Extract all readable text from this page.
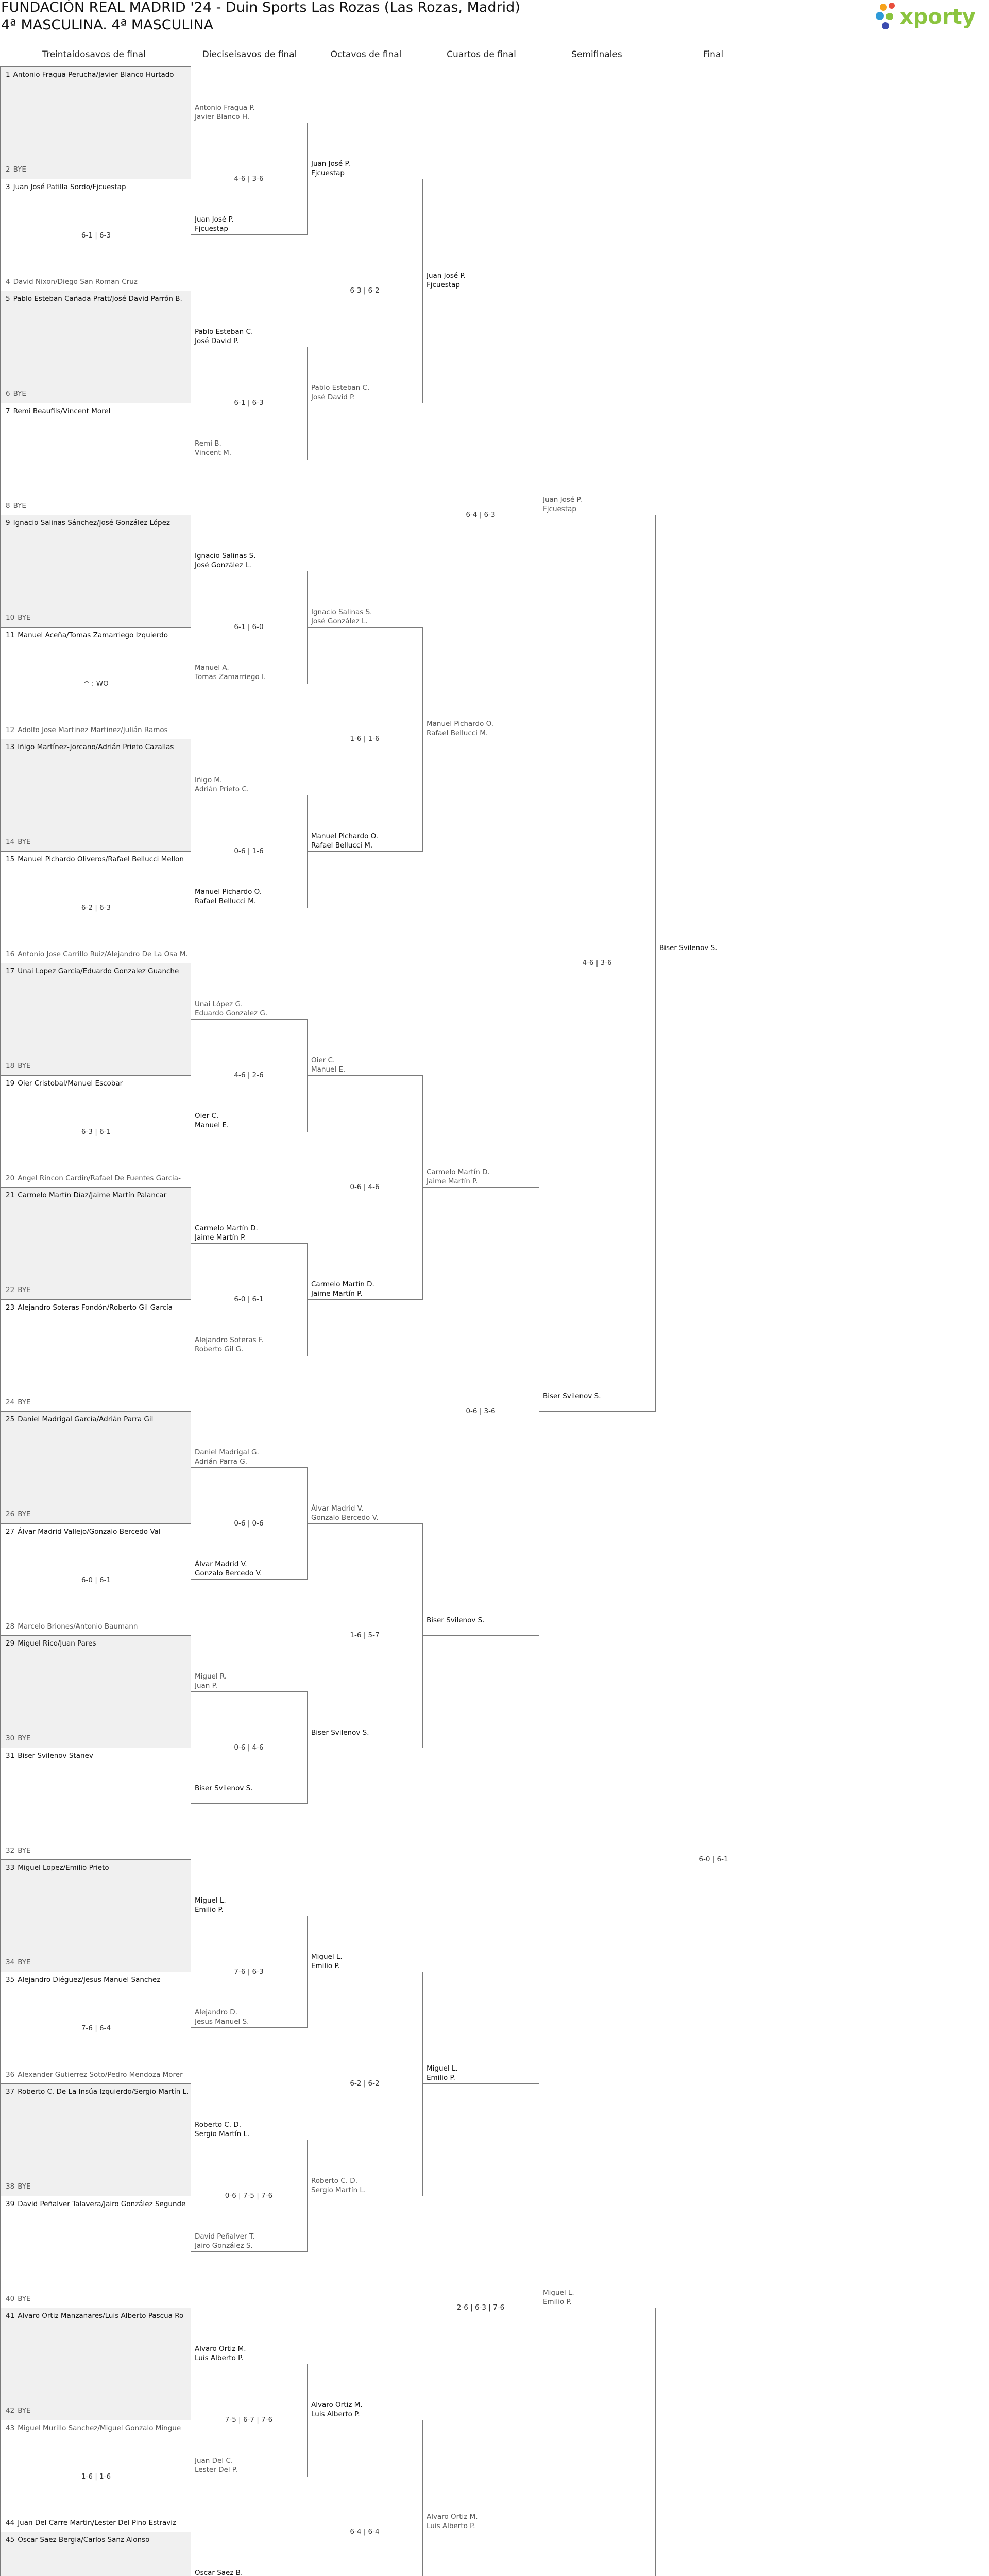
FUNDACIÓN REAL MADRID '24 - Duin Sports Las Rozas (Las Rozas, Madrid)
4ª MASCULINA. 4ª MASCULINA	xporty
Treintaidosavos de final	Dieciseisavos de final	Octavos de final	Cuartos de final	Semifinales	Final
1 Antonio Fragua Perucha/Javier Blanco Hurtado
2 BYE
3 Juan José Patilla Sordo/Fjcuestap
4 David Nixon/Diego San Roman Cruz
6-1 | 6-3
5 Pablo Esteban Cañada Pratt/José David Parrón B.
6 BYE
7 Remi Beaufils/Vincent Morel
8 BYE
9 Ignacio Salinas Sánchez/José González López
10 BYE
11 Manuel Aceña/Tomas Zamarriego Izquierdo
12 Adolfo Jose Martinez Martinez/Julián Ramos
^ : WO
13 Iñigo Martínez-Jorcano/Adrián Prieto Cazallas
14 BYE
15 Manuel Pichardo Oliveros/Rafael Bellucci Mellon
16 Antonio Jose Carrillo Ruiz/Alejandro De La Osa M.
6-2 | 6-3
17 Unai Lopez Garcia/Eduardo Gonzalez Guanche
18 BYE
19 Oier Cristobal/Manuel Escobar
20 Angel Rincon Cardin/Rafael De Fuentes Garcia-
6-3 | 6-1
21 Carmelo Martín Díaz/Jaime Martín Palancar
22 BYE
23 Alejandro Soteras Fondón/Roberto Gil García
24 BYE
25 Daniel Madrigal García/Adrián Parra Gil
26 BYE
27 Álvar Madrid Vallejo/Gonzalo Bercedo Val
28 Marcelo Briones/Antonio Baumann
6-0 | 6-1
29 Miguel Rico/Juan Pares
30 BYE
31 Biser Svilenov Stanev
32 BYE
33 Miguel Lopez/Emilio Prieto
34 BYE
35 Alejandro Diéguez/Jesus Manuel Sanchez
36 Alexander Gutierrez Soto/Pedro Mendoza Morer
7-6 | 6-4
37 Roberto C. De La Insúa Izquierdo/Sergio Martín L.
38 BYE
39 David Peñalver Talavera/Jairo González Segunde
40 BYE
41 Alvaro Ortiz Manzanares/Luis Alberto Pascua Ro
42 BYE
43 Miguel Murillo Sanchez/Miguel Gonzalo Mingue
44 Juan Del Carre Martin/Lester Del Pino Estraviz
1-6 | 1-6
45 Oscar Saez Bergia/Carlos Sanz Alonso
Antonio Fragua P.
Javier Blanco H.
Juan José P.
Fjcuestap
4-6 | 3-6
Pablo Esteban C.
José David P.
Remi B.
Vincent M.
6-1 | 6-3
Ignacio Salinas S.
José González L.
Manuel A.
Tomas Zamarriego I.
6-1 | 6-0
Iñigo M.
Adrián Prieto C.
Manuel Pichardo O.
Rafael Bellucci M.
0-6 | 1-6
Unai López G.
Eduardo Gonzalez G.
Oier C.
Manuel E.
4-6 | 2-6
Carmelo Martín D.
Jaime Martín P.
Alejandro Soteras F.
Roberto Gil G.
6-0 | 6-1
Daniel Madrigal G.
Adrián Parra G.
Álvar Madrid V.
Gonzalo Bercedo V.
0-6 | 0-6
Miguel R.
Juan P.
Biser Svilenov S.
0-6 | 4-6
Miguel L.
Emilio P.
Alejandro D.
Jesus Manuel S.
7-6 | 6-3
Roberto C. D.
Sergio Martín L.
David Peñalver T.
Jairo González S.
0-6 | 7-5 | 7-6
Alvaro Ortiz M.
Luis Alberto P.
Juan Del C.
Lester Del P.
7-5 | 6-7 | 7-6
Oscar Saez B.
Juan José P.
Fjcuestap
Pablo Esteban C.
José David P.
6-3 | 6-2
Ignacio Salinas S.
José González L.
Manuel Pichardo O.
Rafael Bellucci M.
1-6 | 1-6
Oier C.
Manuel E.
Carmelo Martín D.
Jaime Martín P.
0-6 | 4-6
Álvar Madrid V.
Gonzalo Bercedo V.
Biser Svilenov S.
1-6 | 5-7
Miguel L.
Emilio P.
Roberto C. D.
Sergio Martín L.
6-2 | 6-2
Alvaro Ortiz M.
Luis Alberto P.
6-4 | 6-4
Juan José P.
Fjcuestap
Manuel Pichardo O.
Rafael Bellucci M.
6-4 | 6-3
Carmelo Martín D.
Jaime Martín P.
Biser Svilenov S.
0-6 | 3-6
Miguel L.
Emilio P.
Alvaro Ortiz M.
Luis Alberto P.
2-6 | 6-3 | 7-6
Juan José P.
Fjcuestap
Biser Svilenov S.
4-6 | 3-6
Miguel L.
Emilio P.
Biser Svilenov S.
6-0 | 6-1
